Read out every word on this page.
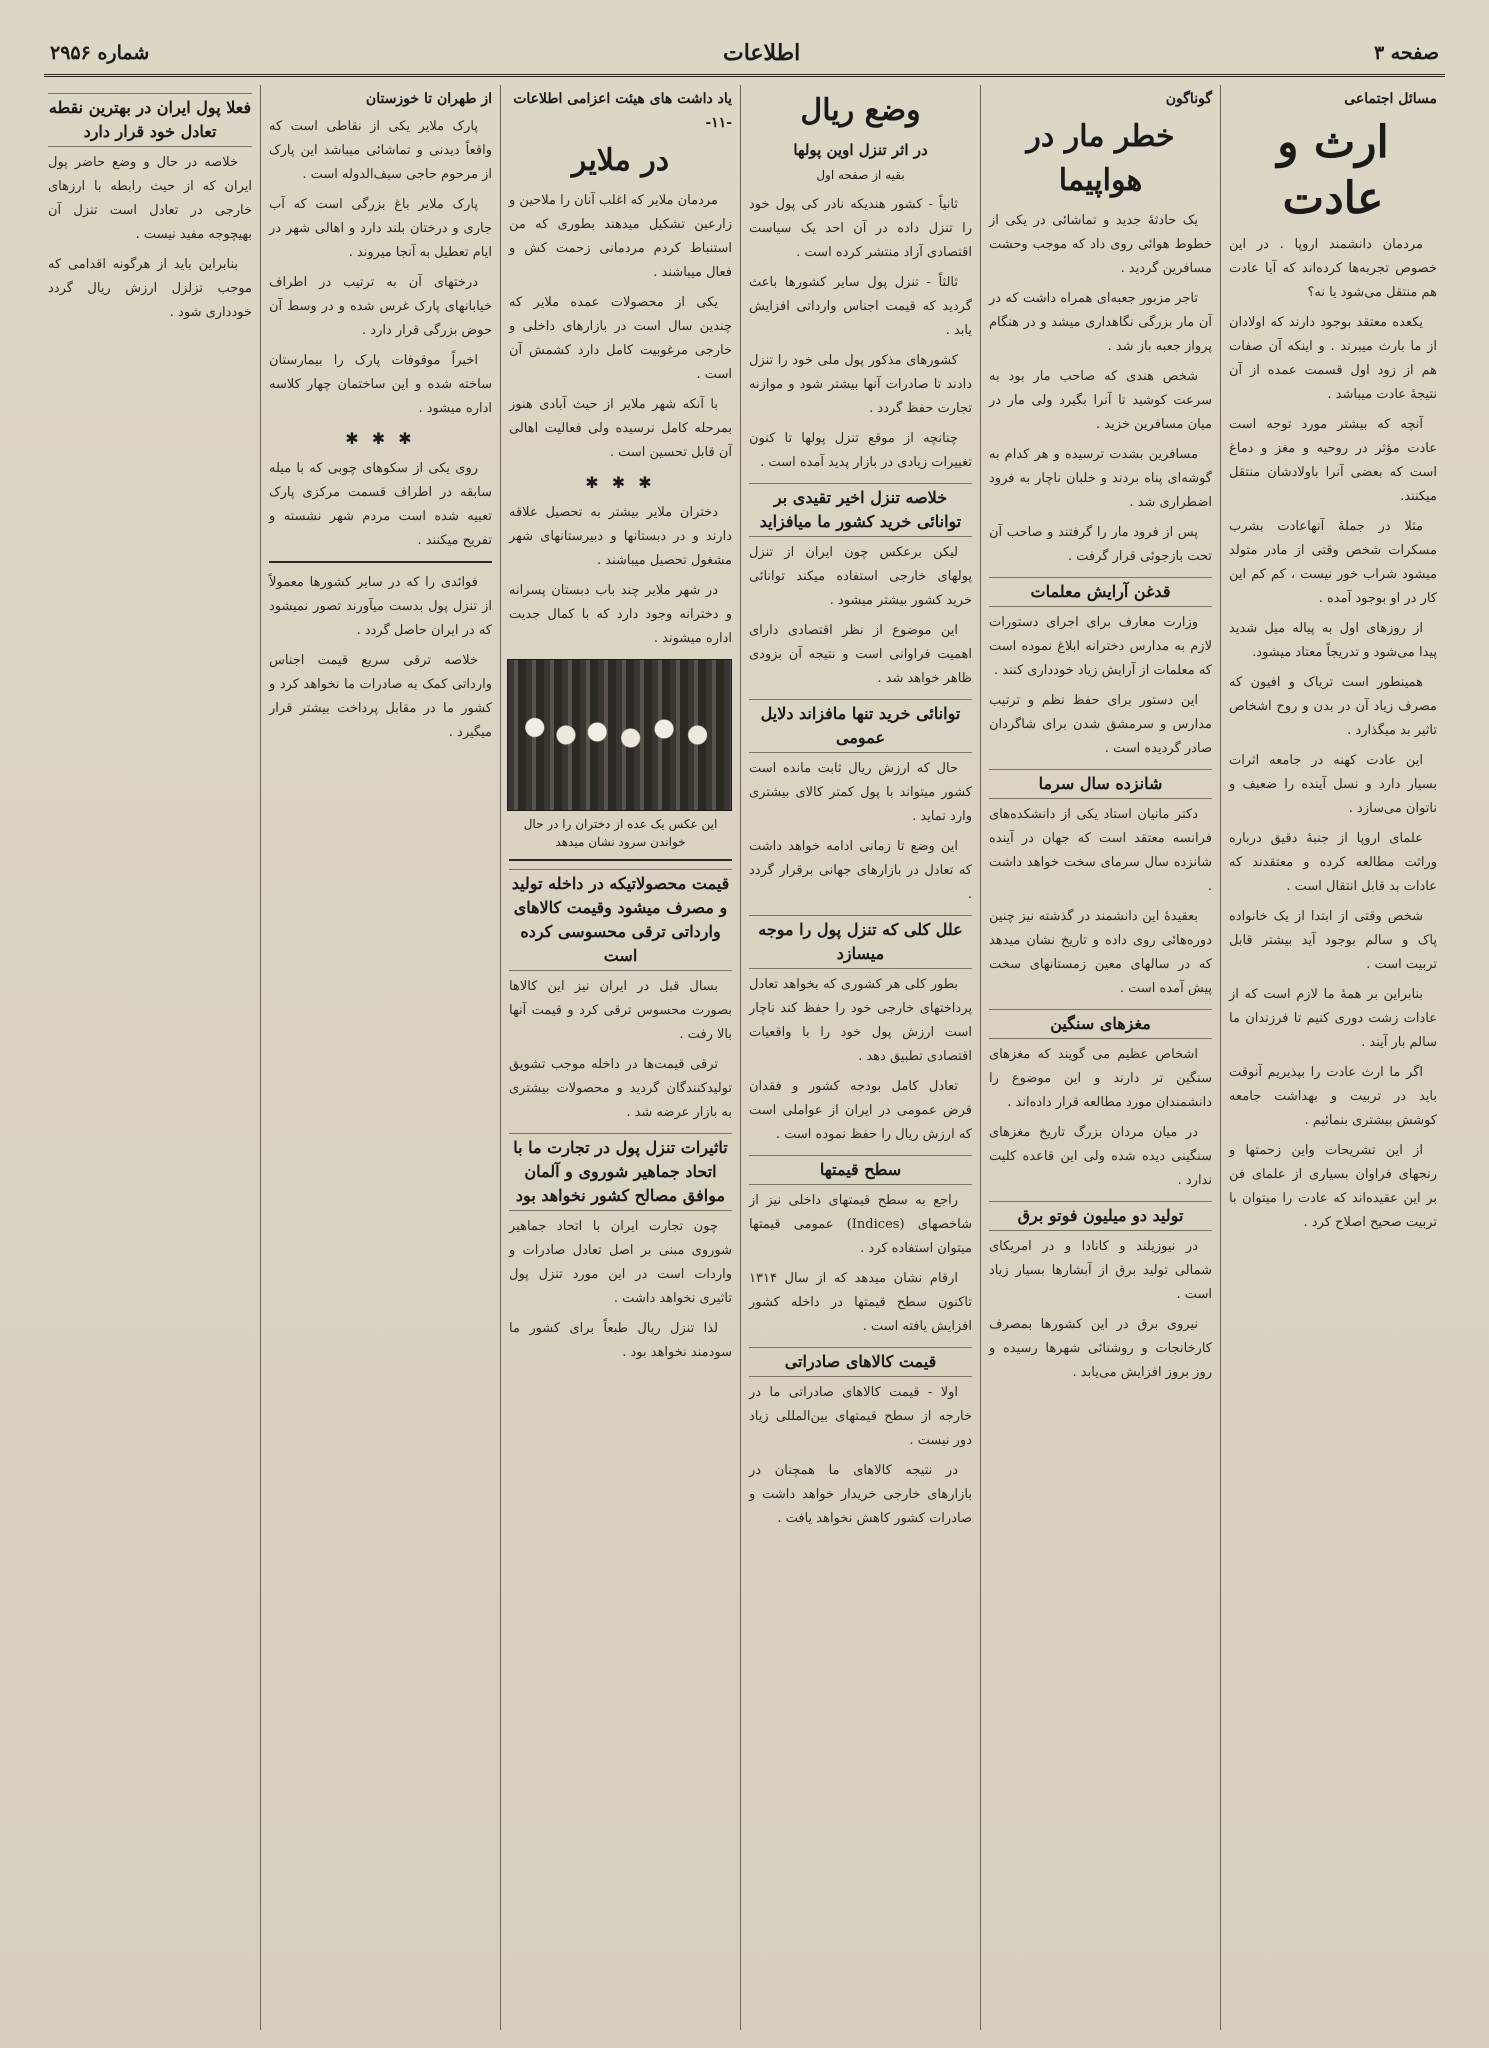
صفحه ۳
اطلاعات
شماره ۲۹۵۶
مسائل اجتماعی
ارث و عادت

مردمان دانشمند اروپا . در این خصوص تجربه‌ها کرده‌اند که آیا عادت هم منتقل می‌شود یا نه؟

یکعده معتقد بوجود دارند که اولادان از ما بارث میبرند . و اینکه آن صفات هم از زود اول قسمت عمده از آن نتیجهٔ عادت میباشد .

آنچه که بیشتر مورد توجه است عادت مؤثر در روحیه و مغز و دماغ است که بعضی آنرا باولادشان منتقل میکنند.

مثلا در جملهٔ آنهاعادت بشرب مسکرات شخص وقتی از مادر متولد میشود شراب خور نیست ، کم کم این کار در او بوجود آمده .

از روزهای اول به پیاله میل شدید پیدا می‌شود و تدریجاً معتاد میشود.

همینطور است تریاک و افیون که مصرف زیاد آن در بدن و روح اشخاص تاثیر بد میگذارد .

این عادت کهنه در جامعه اثرات بسیار دارد و نسل آینده را ضعیف و ناتوان می‌سازد .

علمای اروپا از جنبهٔ دقیق درباره وراثت مطالعه کرده و معتقدند که عادات بد قابل انتقال است .

شخص وقتی از ابتدا از یک خانواده پاک و سالم بوجود آید بیشتر قابل تربیت است .

بنابراین بر همهٔ ما لازم است که از عادات زشت دوری کنیم تا فرزندان ما سالم بار آیند .

اگر ما ارث عادت را بپذیریم آنوقت باید در تربیت و بهداشت جامعه کوشش بیشتری بنمائیم .

از این تشریحات واین زحمتها و رنجهای فراوان بسیاری از علمای فن بر این عقیده‌اند که عادت را میتوان با تربیت صحیح اصلاح کرد .

گوناگون
خطر مار در هواپیما

یک حادثهٔ جدید و تماشائی در یکی از خطوط هوائی روی داد که موجب وحشت مسافرین گردید .

تاجر مزبور جعبه‌ای همراه داشت که در آن مار بزرگی نگاهداری میشد و در هنگام پرواز جعبه باز شد .

شخص هندی که صاحب مار بود به سرعت کوشید تا آنرا بگیرد ولی مار در میان مسافرین خزید .

مسافرین بشدت ترسیده و هر کدام به گوشه‌ای پناه بردند و خلبان ناچار به فرود اضطراری شد .

پس از فرود مار را گرفتند و صاحب آن تحت بازجوئی قرار گرفت .

قدغن آرایش معلمات

وزارت معارف برای اجرای دستورات لازم به مدارس دخترانه ابلاغ نموده است که معلمات از آرایش زیاد خودداری کنند .

این دستور برای حفظ نظم و ترتیب مدارس و سرمشق شدن برای شاگردان صادر گردیده است .

شانزده سال سرما

دکتر مانیان استاد یکی از دانشکده‌های فرانسه معتقد است که جهان در آینده شانزده سال سرمای سخت خواهد داشت .

بعقیدهٔ این دانشمند در گذشته نیز چنین دوره‌هائی روی داده و تاریخ نشان میدهد که در سالهای معین زمستانهای سخت پیش آمده است .

مغزهای سنگین

اشخاص عظیم می گویند که مغزهای سنگین تر دارند و این موضوع را دانشمندان مورد مطالعه قرار داده‌اند .

در میان مردان بزرگ تاریخ مغزهای سنگینی دیده شده ولی این قاعده کلیت ندارد .

تولید دو میلیون فوتو برق

در نیوزیلند و کانادا و در امریکای شمالی تولید برق از آبشارها بسیار زیاد است .

نیروی برق در این کشورها بمصرف کارخانجات و روشنائی شهرها رسیده و روز بروز افزایش می‌یابد .

وضع ریال
در اثر تنزل اوین پولها
بقیه از صفحه اول

ثانیاً - کشور هندیکه نادر کی پول خود را تنزل داده در آن احد یک سیاست اقتصادی آزاد منتشر کرده است .

ثالثاً - تنزل پول سایر کشورها باعث گردید که قیمت اجناس وارداتی افزایش یابد .

کشورهای مذکور پول ملی خود را تنزل دادند تا صادرات آنها بیشتر شود و موازنه تجارت حفظ گردد .

چنانچه از موقع تنزل پولها تا کنون تغییرات زیادی در بازار پدید آمده است .

خلاصه تنزل اخیر تقیدی بر توانائی خرید کشور ما میافزاید

لیکن برعکس چون ایران از تنزل پولهای خارجی استفاده میکند توانائی خرید کشور بیشتر میشود .

این موضوع از نظر اقتصادی دارای اهمیت فراوانی است و نتیجه آن بزودی ظاهر خواهد شد .

توانائی خرید تنها مافزاند دلایل عمومی

حال که ارزش ریال ثابت مانده است کشور میتواند با پول کمتر کالای بیشتری وارد نماید .

این وضع تا زمانی ادامه خواهد داشت که تعادل در بازارهای جهانی برقرار گردد .

علل کلی که تنزل پول را موجه میسازد

بطور کلی هر کشوری که بخواهد تعادل پرداختهای خارجی خود را حفظ کند ناچار است ارزش پول خود را با واقعیات اقتصادی تطبیق دهد .

تعادل کامل بودجه کشور و فقدان قرض عمومی در ایران از عواملی است که ارزش ریال را حفظ نموده است .

سطح قیمتها

راجع به سطح قیمتهای داخلی نیز از شاخصهای (Indices) عمومی قیمتها میتوان استفاده کرد .

ارقام نشان میدهد که از سال ۱۳۱۴ تاکنون سطح قیمتها در داخله کشور افزایش یافته است .

قیمت کالاهای صادراتی

اولا - قیمت کالاهای صادراتی ما در خارجه از سطح قیمتهای بین‌المللی زیاد دور نیست .

در نتیجه کالاهای ما همچنان در بازارهای خارجی خریدار خواهد داشت و صادرات کشور کاهش نخواهد یافت .

یاد داشت های هیئت اعزامی اطلاعات -۱۱-
در ملایر

مردمان ملایر که اغلب آنان را ملاحین و زارعین تشکیل میدهند بطوری که من استنباط کردم مردمانی زحمت کش و فعال میباشند .

یکی از محصولات عمده ملایر که چندین سال است در بازارهای داخلی و خارجی مرغوبیت کامل دارد کشمش آن است .

با آنکه شهر ملایر از حیث آبادی هنوز بمرحله کامل نرسیده ولی فعالیت اهالی آن قابل تحسین است .

✱ ✱ ✱

دختران ملایر بیشتر به تحصیل علاقه دارند و در دبستانها و دبیرستانهای شهر مشغول تحصیل میباشند .

در شهر ملایر چند باب دبستان پسرانه و دخترانه وجود دارد که با کمال جدیت اداره میشوند .

این عکس یک عده از دختران را در حال خواندن سرود نشان میدهد
قیمت محصولاتیکه در داخله تولید و مصرف میشود وقیمت کالاهای وارداتی ترقی محسوسی کرده است

بسال قبل در ایران نیز این کالاها بصورت محسوس ترقی کرد و قیمت آنها بالا رفت .

ترقی قیمت‌ها در داخله موجب تشویق تولیدکنندگان گردید و محصولات بیشتری به بازار عرضه شد .

تاثیرات تنزل پول در تجارت ما با اتحاد جماهیر شوروی و آلمان موافق مصالح کشور نخواهد بود

چون تجارت ایران با اتحاد جماهیر شوروی مبنی بر اصل تعادل صادرات و واردات است در این مورد تنزل پول تاثیری نخواهد داشت .

لذا تنزل ریال طبعاً برای کشور ما سودمند نخواهد بود .

از طهران تا خوزستان

پارک ملایر یکی از نقاطی است که واقعاً دیدنی و تماشائی میباشد این پارک از مرحوم حاجی سیف‌الدوله است .

پارک ملایر باغ بزرگی است که آب جاری و درختان بلند دارد و اهالی شهر در ایام تعطیل به آنجا میروند .

درختهای آن به ترتیب در اطراف خیابانهای پارک غرس شده و در وسط آن حوض بزرگی قرار دارد .

اخیراً موقوفات پارک را بیمارستان ساخته شده و این ساختمان چهار کلاسه اداره میشود .

✱ ✱ ✱

روی یکی از سکوهای چوبی که با میله سابقه در اطراف قسمت مرکزی پارک تعبیه شده است مردم شهر نشسته و تفریح میکنند .

فوائدی را که در سایر کشورها معمولاً از تنزل پول بدست میآورند تصور نمیشود که در ایران حاصل گردد .

خلاصه ترقی سریع قیمت اجناس وارداتی کمک به صادرات ما نخواهد کرد و کشور ما در مقابل پرداخت بیشتر قرار میگیرد .

فعلا پول ایران در بهترین نقطه تعادل خود قرار دارد

خلاصه در حال و وضع حاضر پول ایران که از حیث رابطه با ارزهای خارجی در تعادل است تنزل آن بهیچوجه مفید نیست .

بنابراین باید از هرگونه اقدامی که موجب تزلزل ارزش ریال گردد خودداری شود .
